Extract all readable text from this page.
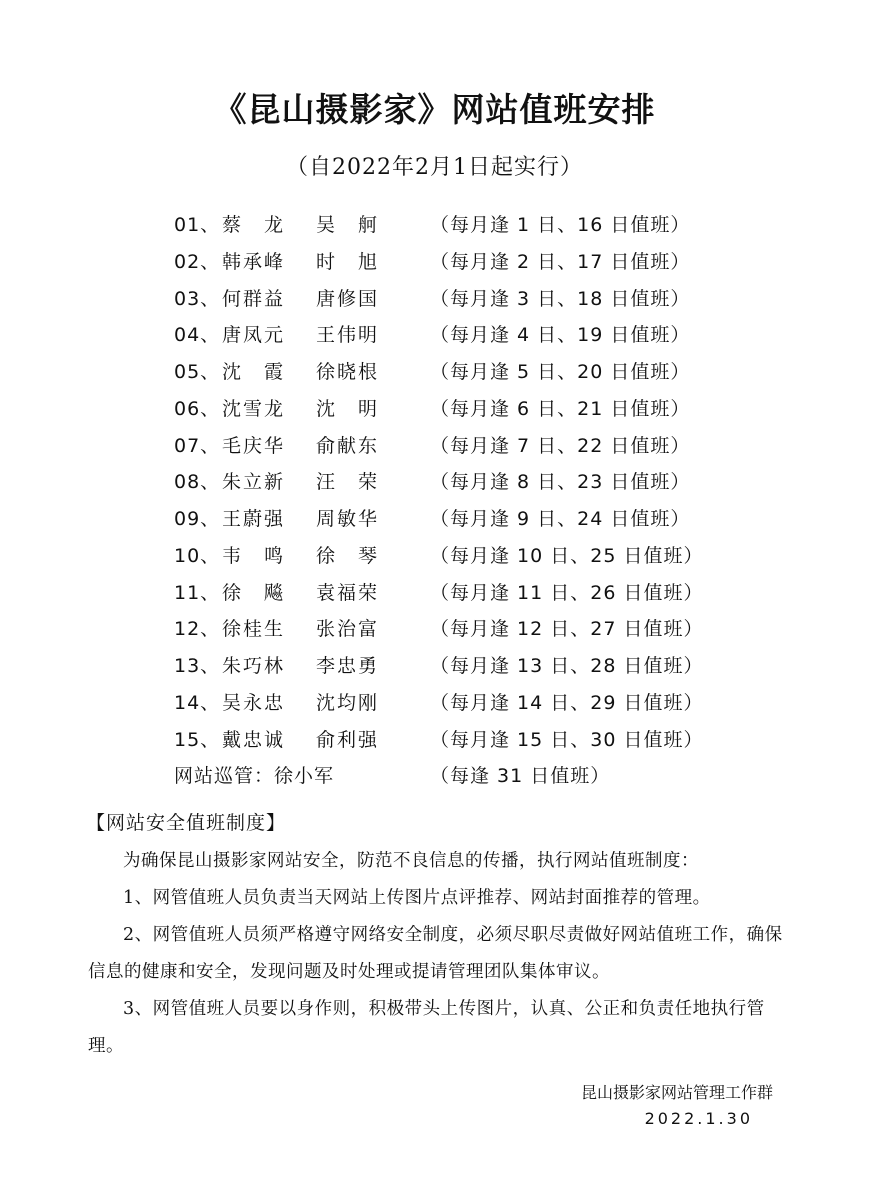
《昆山摄影家》网站值班安排
（自2022年2月1日起实行）
01、 蔡　龙 吴　舸	（每月逢 1 日、16 日值班）
02、 韩承峰 时　旭	（每月逢 2 日、17 日值班）
03、 何群益 唐修国	（每月逢 3 日、18 日值班）
04、 唐凤元 王伟明	（每月逢 4 日、19 日值班）
05、 沈　霞 徐晓根	（每月逢 5 日、20 日值班）
06、 沈雪龙 沈　明	（每月逢 6 日、21 日值班）
07、 毛庆华 俞献东	（每月逢 7 日、22 日值班）
08、 朱立新 汪　荣	（每月逢 8 日、23 日值班）
09、 王蔚强 周敏华	（每月逢 9 日、24 日值班）
10、 韦　鸣 徐　琴	（每月逢 10 日、25 日值班）
11、 徐　飚 袁福荣	（每月逢 11 日、26 日值班）
12、 徐桂生 张治富	（每月逢 12 日、27 日值班）
13、 朱巧林 李忠勇	（每月逢 13 日、28 日值班）
14、 吴永忠 沈均刚	（每月逢 14 日、29 日值班）
15、 戴忠诚 俞利强	（每月逢 15 日、30 日值班）
网站巡管：徐小军	（每逢 31 日值班）
【网站安全值班制度】

为确保昆山摄影家网站安全，防范不良信息的传播，执行网站值班制度：

1、网管值班人员负责当天网站上传图片点评推荐、网站封面推荐的管理。

2、网管值班人员须严格遵守网络安全制度，必须尽职尽责做好网站值班工作，确保信息的健康和安全，发现问题及时处理或提请管理团队集体审议。

3、网管值班人员要以身作则，积极带头上传图片，认真、公正和负责任地执行管理。

昆山摄影家网站管理工作群
2022.1.30
